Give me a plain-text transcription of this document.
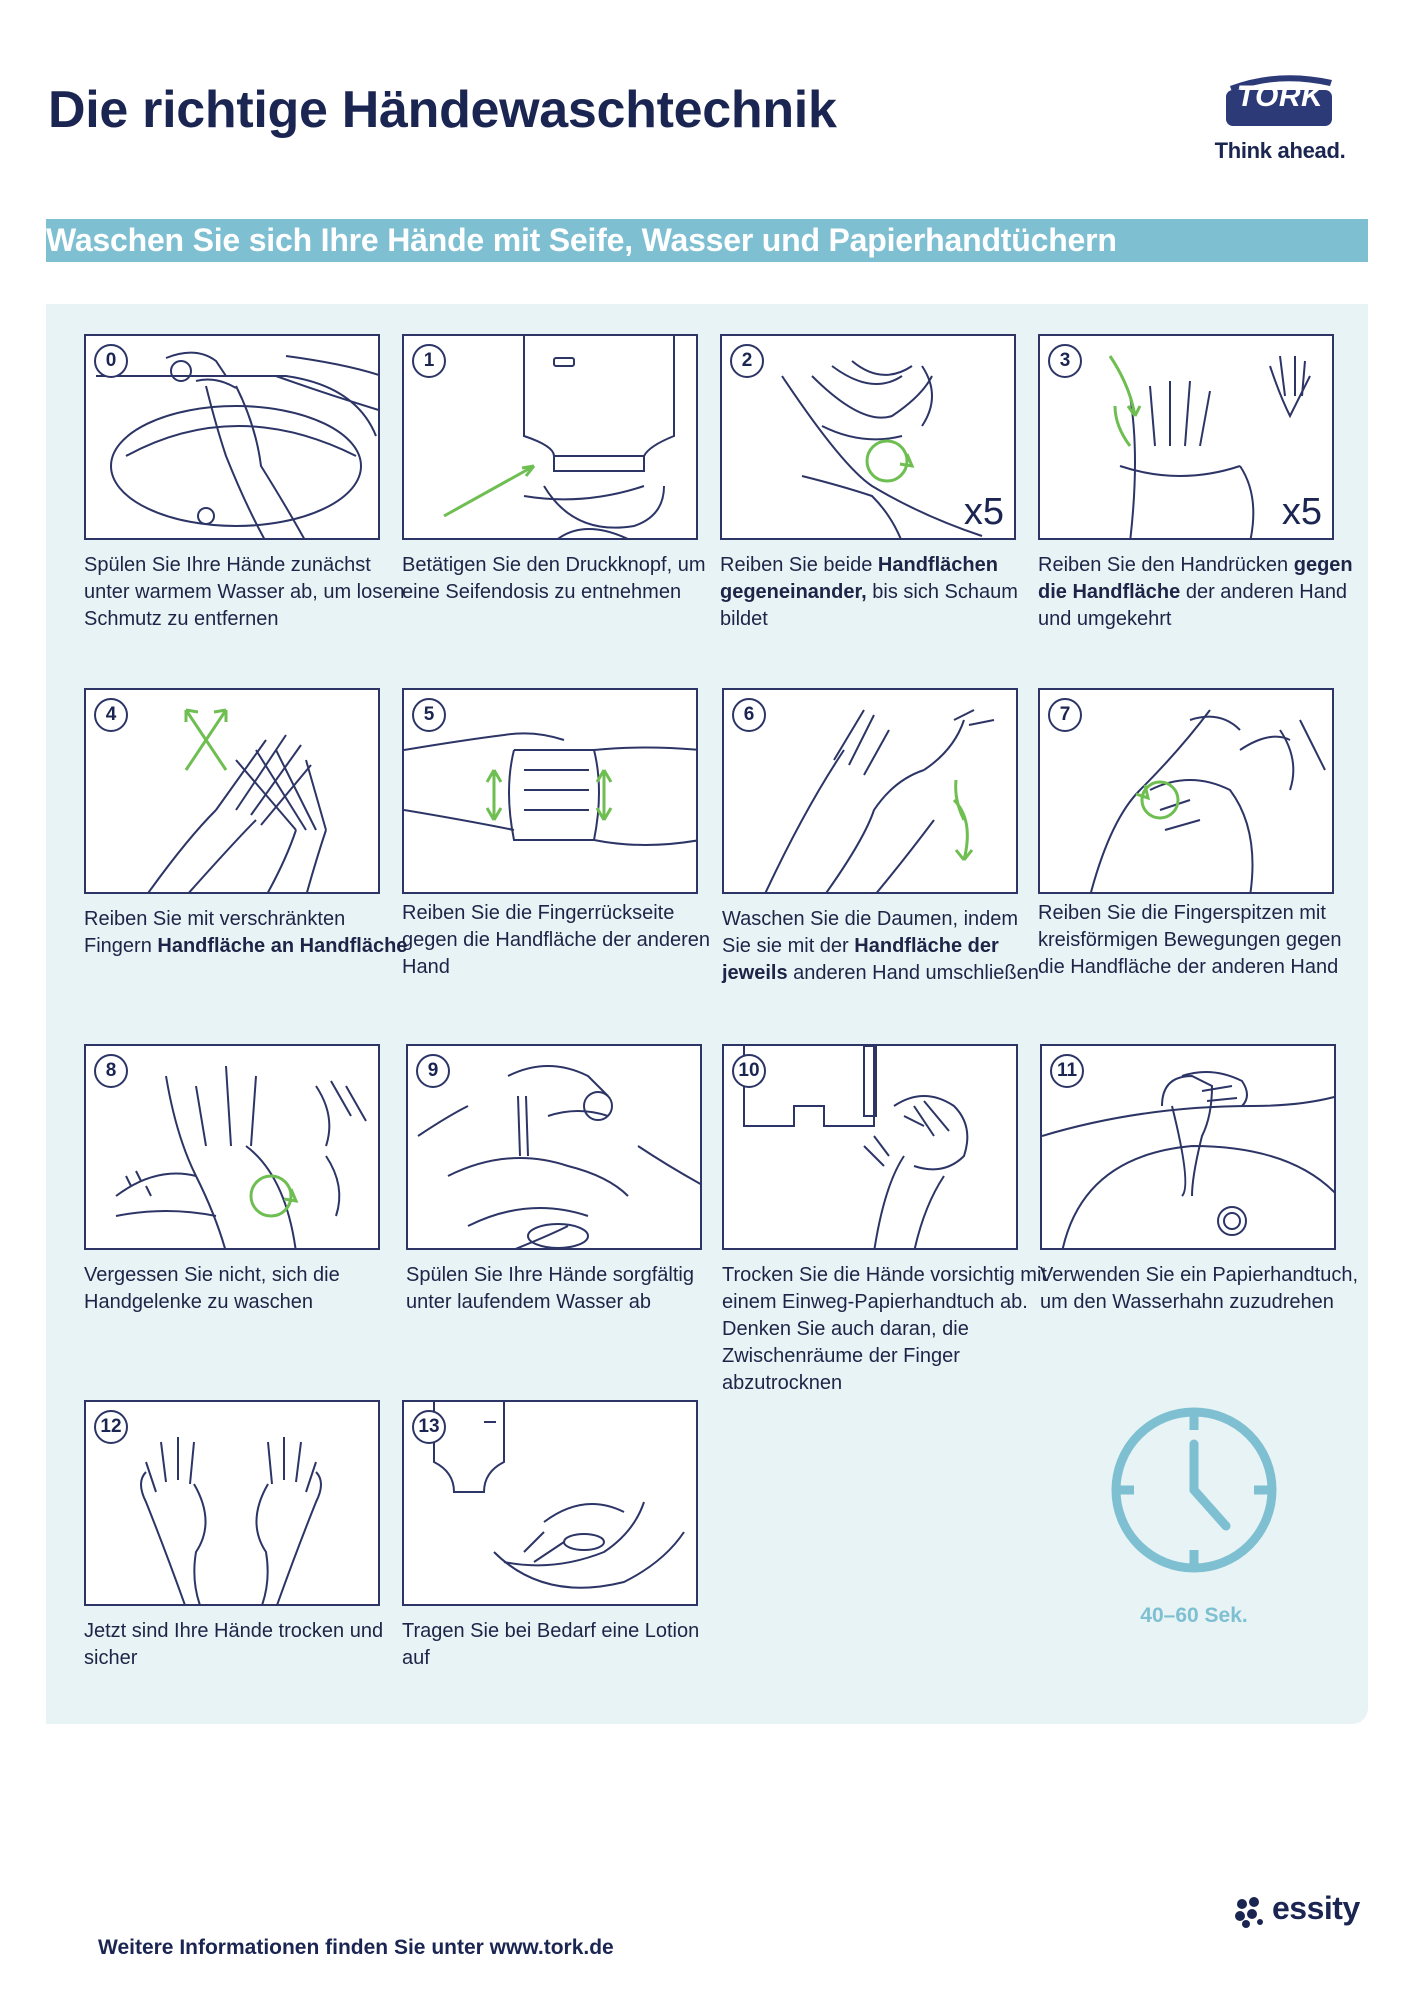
Die richtige Händewaschtechnik	TORK
Think ahead.
Waschen Sie sich Ihre Hände mit Seife, Wasser und Papierhandtüchern
0
Spülen Sie Ihre Hände zunächst unter warmem Wasser ab, um losen Schmutz zu entfernen
1
Betätigen Sie den Druckknopf, um eine Seifendosis zu entnehmen
2
x5
Reiben Sie beide Handflächen gegeneinander, bis sich Schaum bildet
3
x5
Reiben Sie den Handrücken gegen die Handfläche der anderen Hand und umgekehrt
4
Reiben Sie mit verschränkten Fingern Handfläche an Handfläche
5
Reiben Sie die Fingerrückseite gegen die Handfläche der anderen Hand
6
Waschen Sie die Daumen, indem Sie sie mit der Handfläche der jeweils anderen Hand umschließen
7
Reiben Sie die Fingerspitzen mit kreisförmigen Bewegungen gegen die Handfläche der anderen Hand
8
Vergessen Sie nicht, sich die Handgelenke zu waschen
9
Spülen Sie Ihre Hände sorgfältig unter laufendem Wasser ab
10
Trocken Sie die Hände vorsichtig mit einem Einweg-Papierhandtuch ab. Denken Sie auch daran, die Zwischenräume der Finger abzutrocknen
11
Verwenden Sie ein Papierhandtuch, um den Wasserhahn zuzudrehen
12
Jetzt sind Ihre Hände trocken und sicher
13
Tragen Sie bei Bedarf eine Lotion auf
40–60 Sek.
essity
Weitere Informationen finden Sie unter www.tork.de
